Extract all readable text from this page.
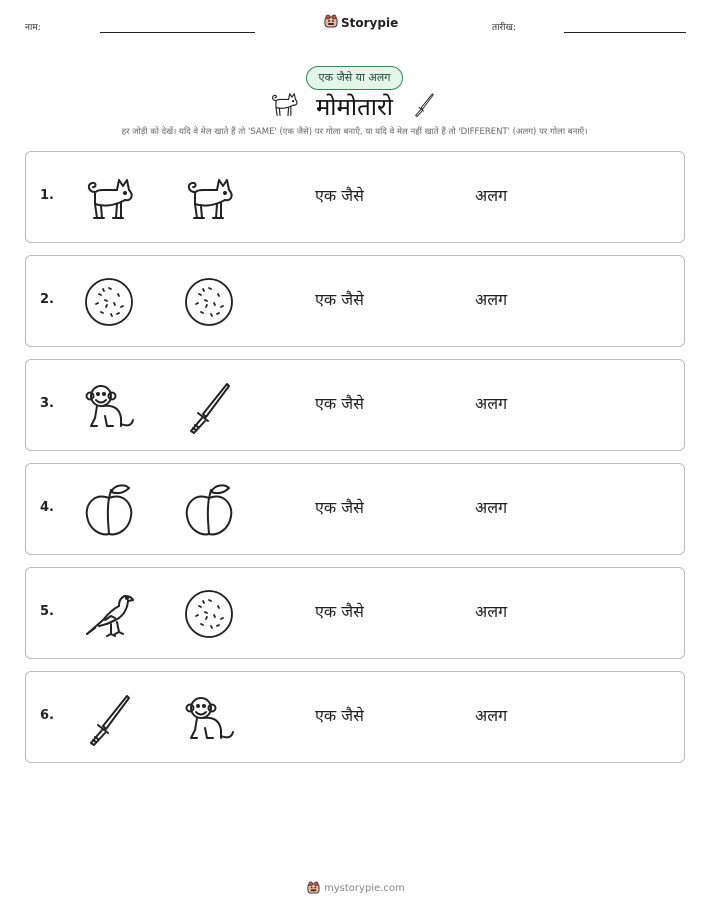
नाम:	Storypie	तारीख:
एक जैसे या अलग
मोमोतारो
हर जोड़ी को देखें। यदि वे मेल खाते हैं तो 'SAME' (एक जैसे) पर गोला बनाएँ, या यदि वे मेल नहीं खाते हैं तो 'DIFFERENT' (अलग) पर गोला बनाएँ।
1.	एक जैसे	अलग
2.	एक जैसे	अलग
3.	एक जैसे	अलग
4.	एक जैसे	अलग
5.	एक जैसे	अलग
6.	एक जैसे	अलग
mystorypie.com
